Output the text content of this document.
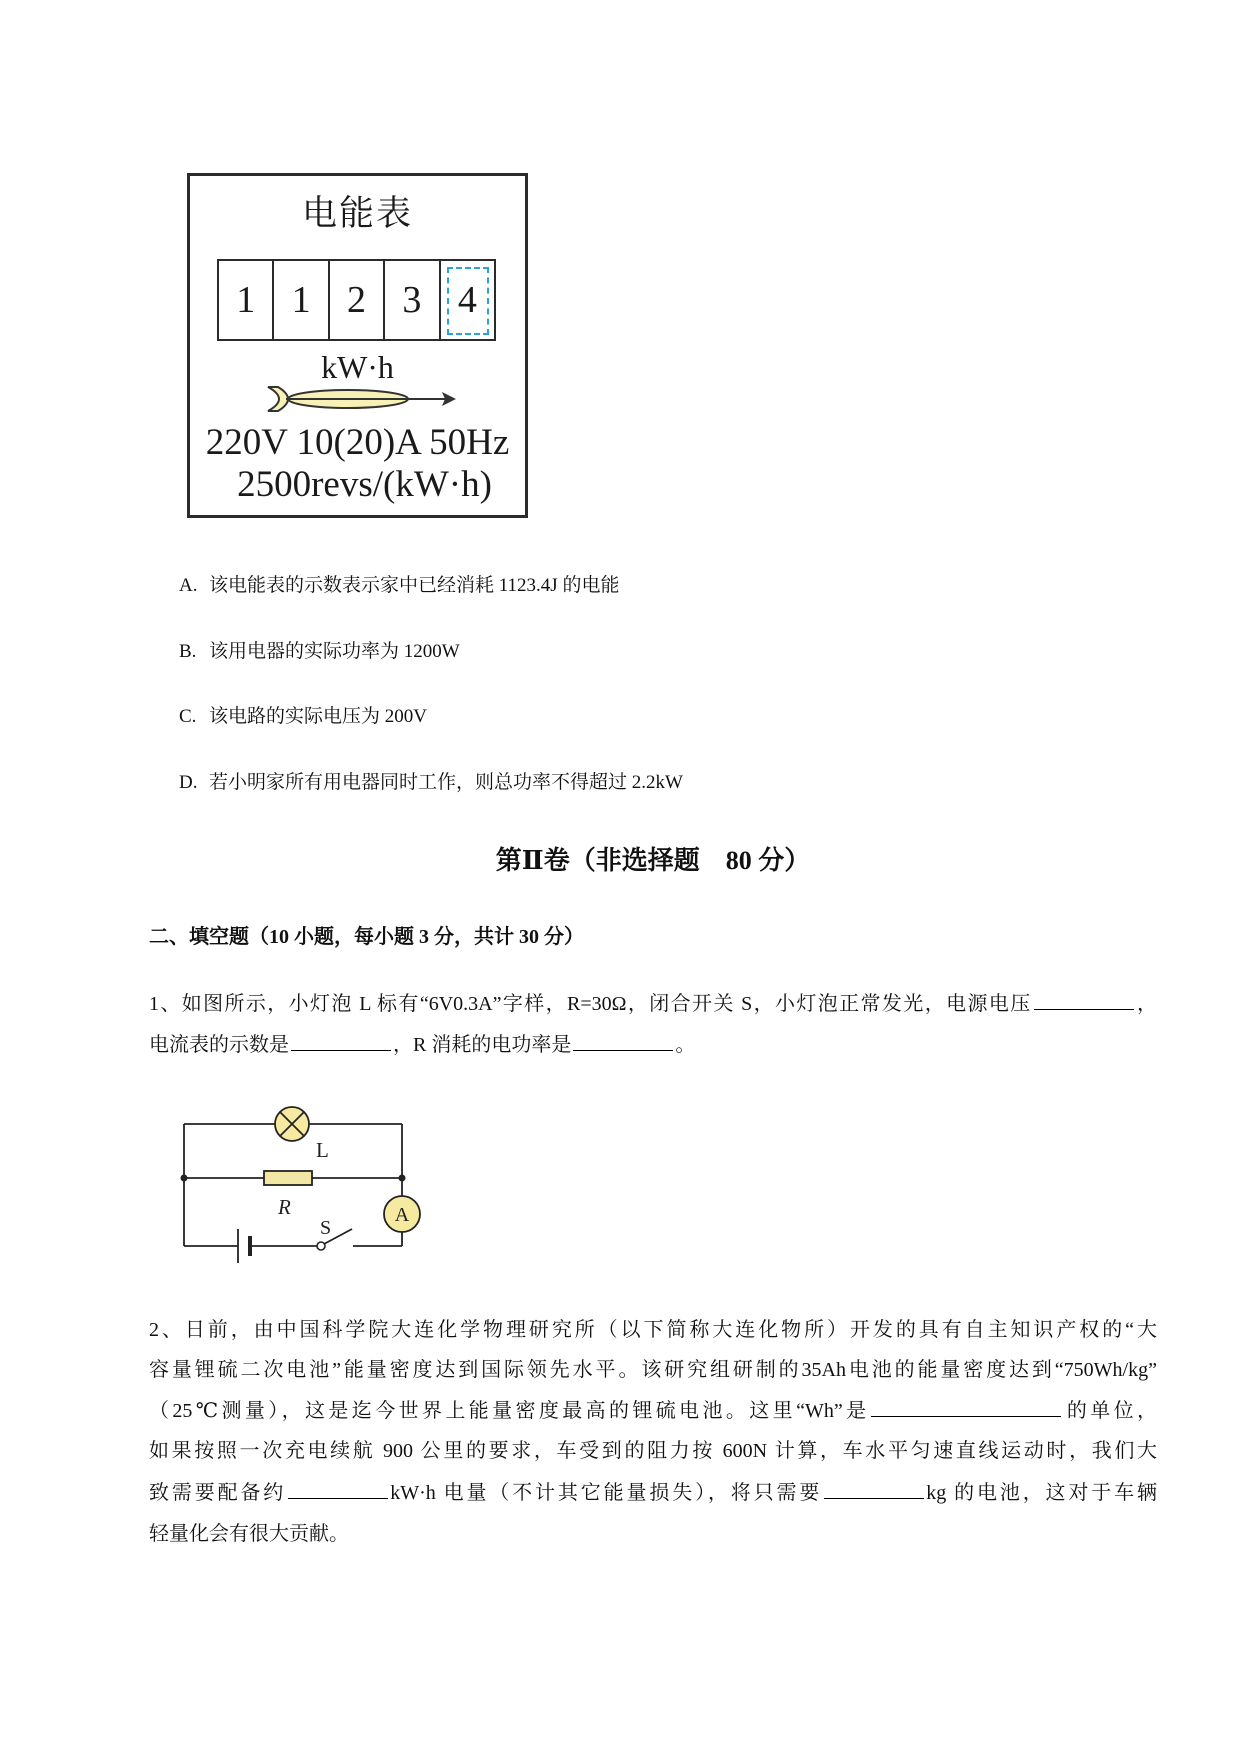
电能表
1 1 2 3 4
kW·h
220V 10(20)A 50Hz
2500revs/(kW·h)
A. 该电能表的示数表示家中已经消耗 1123.4J 的电能
B. 该用电器的实际功率为 1200W
C. 该电路的实际电压为 200V
D. 若小明家所有用电器同时工作，则总功率不得超过 2.2kW
第Ⅱ卷（非选择题　80 分）
二、填空题（10 小题，每小题 3 分，共计 30 分）
1、如图所示，小灯泡 L 标有“6V0.3A”字样，R=30Ω，闭合开关 S，小灯泡正常发光，电源电压	，
电流表的示数是	，R 消耗的电功率是	。
L
R	A
S
2、日前，由中国科学院大连化学物理研究所（以下简称大连化物所）开发的具有自主知识产权的“大
容量锂硫二次电池”能量密度达到国际领先水平。该研究组研制的35Ah电池的能量密度达到“750Wh/kg”
（25℃测量），这是迄今世界上能量密度最高的锂硫电池。这里“Wh”是	的单位，
如果按照一次充电续航 900 公里的要求，车受到的阻力按 600N 计算，车水平匀速直线运动时，我们大
致需要配备约	kW·h 电量（不计其它能量损失），将只需要	kg 的电池，这对于车辆
轻量化会有很大贡献。
